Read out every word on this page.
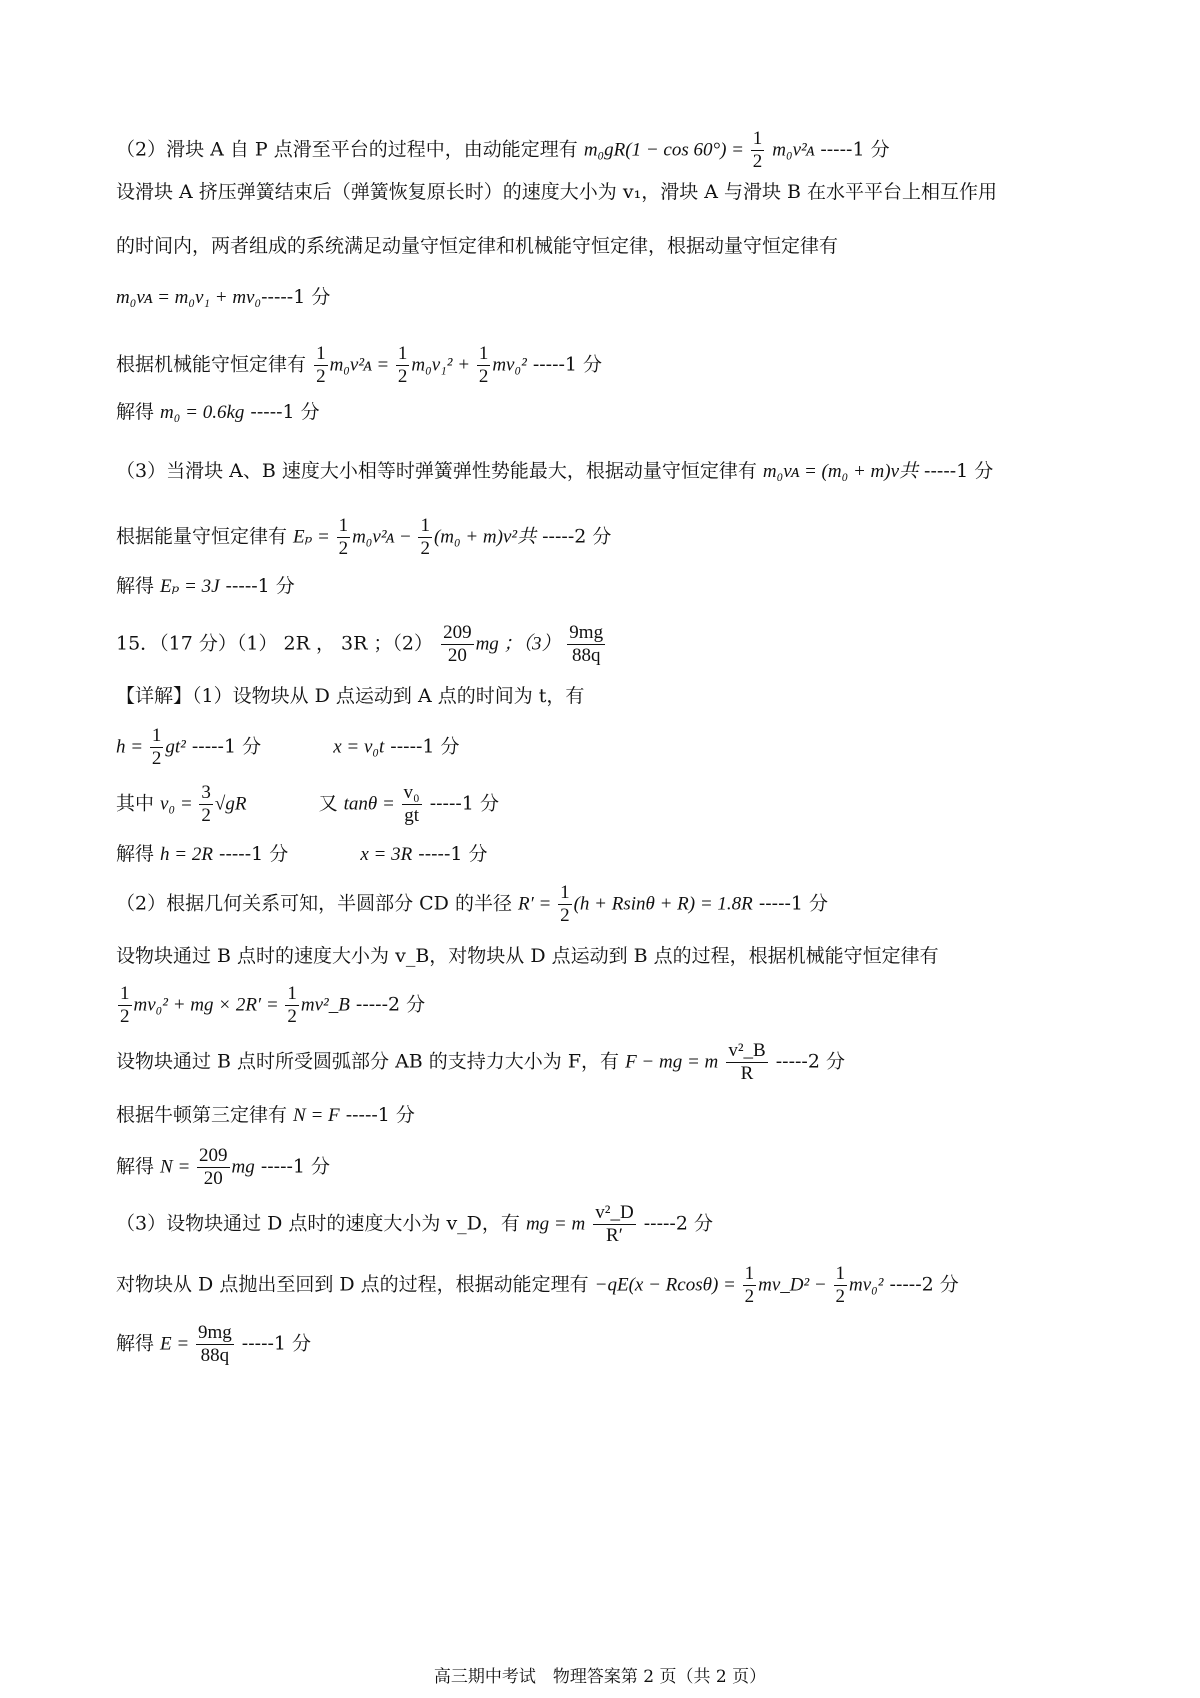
（2）滑块 A 自 P 点滑至平台的过程中，由动能定理有 $m_0gR(1 - \cos 60^\circ) = \frac{1}{2}$ m₀v²ᴀ -----1 分
设滑块 A 挤压弹簧结束后（弹簧恢复原长时）的速度大小为 v₁，滑块 A 与滑块 B 在水平平台上相互作用
的时间内，两者组成的系统满足动量守恒定律和机械能守恒定律，根据动量守恒定律有
m₀vᴀ = m₀v₁ + mv₀-----1 分
根据机械能守恒定律有 $\frac{1}{2}$ m₀v²ᴀ = $\frac{1}{2} m_0v_1^2 + \frac{1}{2} mv_0^2$ -----1 分
解得 m₀ = 0.6kg -----1 分
（3）当滑块 A、B 速度大小相等时弹簧弹性势能最大，根据动量守恒定律有 m₀vᴀ = (m₀ + m)v共 -----1 分
根据能量守恒定律有 $E_p = \frac{1}{2}$ m₀v²ᴀ − $\frac{1}{2} (m_0 + m)v^2$共 -----2 分
解得 Eₚ = 3J -----1 分
15．（17 分）（1） 2R ， 3R ；$(2) \frac{209}{20}$ mg ；$(3) \frac{9mg}{88q}$
【详解】（1）设物块从 D 点运动到 A 点的时间为 t，有
$h = \frac{1}{2} gt^2$ -----1 分	x = v₀t -----1 分
其中 $v_0 = \frac{3}{2} √gR$	又 $\tan\theta = \frac{\text{v₀}}{gt} -----1$ 分
解得 h = 2R -----1 分	x = 3R -----1 分
（2）根据几何关系可知，半圆部分 CD 的半径 $R' = \frac{1}{2} (h + Rsin\theta + R) = 1.8R$ -----1 分
设物块通过 B 点时的速度大小为 v_B，对物块从 D 点运动到 B 点的过程，根据机械能守恒定律有
$\frac{1}{2} mv_0^2$ + mg × $2R' = \frac{1}{2}$ mv²_B -----2 分
设物块通过 B 点时所受圆弧部分 AB 的支持力大小为 F，有 F − mg = m $\frac{\text{v²\_B}}{R} -----2$ 分
根据牛顿第三定律有 N = F -----1 分
解得 $N = \frac{209}{20}$ mg -----1 分
（3）设物块通过 D 点时的速度大小为 v_D，有 mg = m $\frac{\text{v²\_D}}{R'} -----2$ 分
对物块从 D 点抛出至回到 D 点的过程，根据动能定理有 $-qE(x - Rcos\theta) = \frac{1}{2}$ mv_D² − $\frac{1}{2} mv_0^2$ -----2 分
解得 $E = \frac{9mg}{88q} -----1$ 分
高三期中考试　物理答案第 2 页（共 2 页）
